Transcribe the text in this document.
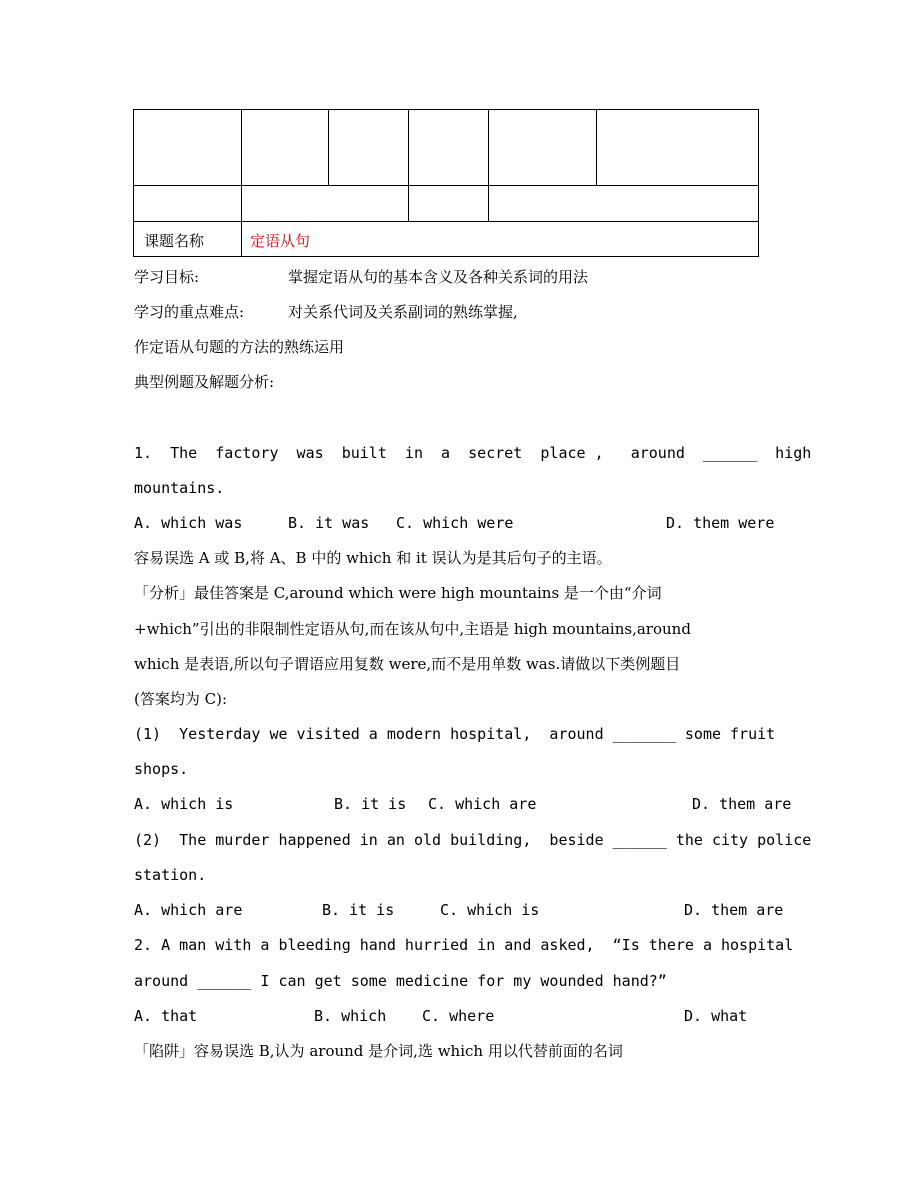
课题名称	定语从句
学习目标:	掌握定语从句的基本含义及各种关系词的用法
学习的重点难点:	对关系代词及关系副词的熟练掌握,
作定语从句题的方法的熟练运用
典型例题及解题分析:
1.  The  factory  was  built  in  a  secret  place ,   around  ______  high
mountains.
A. which was	B. it was C. which were	D. them were
容易误选 A 或 B,将 A、B 中的 which 和 it 误认为是其后句子的主语。
「分析」最佳答案是 C,around which were high mountains 是一个由“介词
+which”引出的非限制性定语从句,而在该从句中,主语是 high mountains,around
which 是表语,所以句子谓语应用复数 were,而不是用单数 was.请做以下类例题目
(答案均为 C):
(1)  Yesterday we visited a modern hospital,  around _______ some fruit
shops.
A. which is	B. it is C. which are	D. them are
(2)  The murder happened in an old building,  beside ______ the city police
station.
A. which are	B. it is	C. which is	D. them are
2. A man with a bleeding hand hurried in and asked,  “Is there a hospital
around ______ I can get some medicine for my wounded hand?”
A. that	B. which C. where	D. what
「陷阱」容易误选 B,认为 around 是介词,选 which 用以代替前面的名词
